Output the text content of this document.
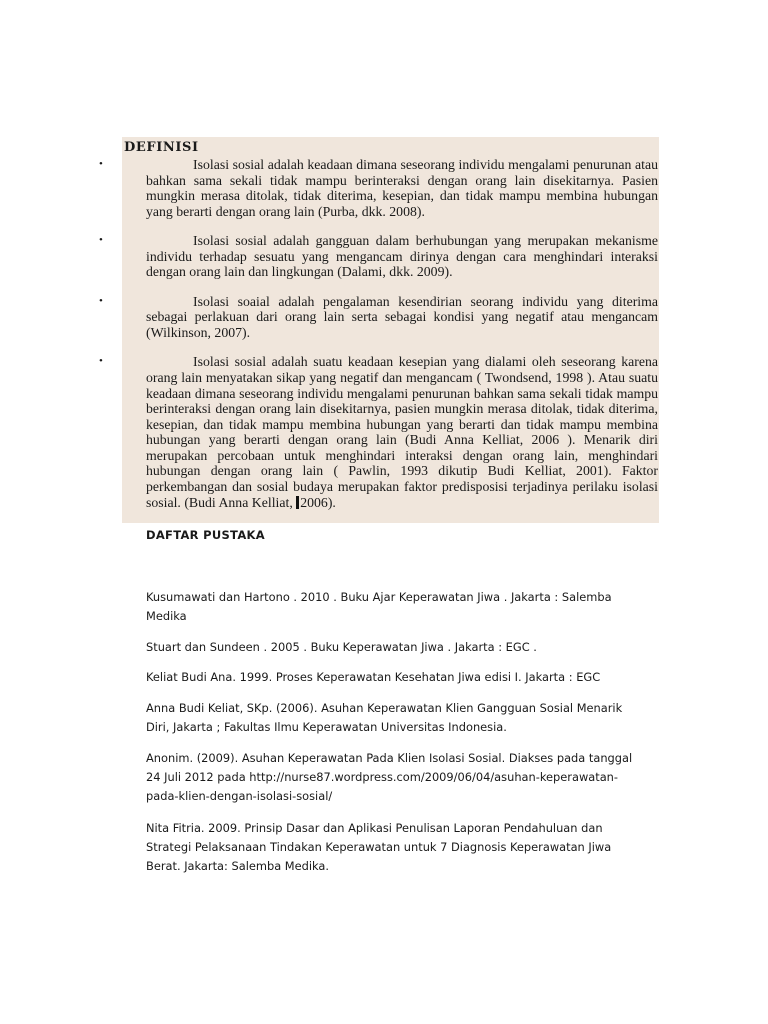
DEFINISI

•	Isolasi sosial adalah keadaan dimana seseorang individu mengalami penurunan atau bahkan sama sekali tidak mampu berinteraksi dengan orang lain disekitarnya. Pasien mungkin merasa ditolak, tidak diterima, kesepian, dan tidak mampu membina hubungan yang berarti dengan orang lain (Purba, dkk. 2008).

•	Isolasi sosial adalah gangguan dalam berhubungan yang merupakan mekanisme individu terhadap sesuatu yang mengancam dirinya dengan cara menghindari interaksi dengan orang lain dan lingkungan (Dalami, dkk. 2009).

•	Isolasi soaial adalah pengalaman kesendirian seorang individu yang diterima sebagai perlakuan dari orang lain serta sebagai kondisi yang negatif atau mengancam (Wilkinson, 2007).

•	Isolasi sosial adalah suatu keadaan kesepian yang dialami oleh seseorang karena orang lain menyatakan sikap yang negatif dan mengancam ( Twondsend, 1998 ). Atau suatu keadaan dimana seseorang individu mengalami penurunan bahkan sama sekali tidak mampu berinteraksi dengan orang lain disekitarnya, pasien mungkin merasa ditolak, tidak diterima, kesepian, dan tidak mampu membina hubungan yang berarti dan tidak mampu membina hubungan yang berarti dengan orang lain (Budi Anna Kelliat, 2006 ). Menarik diri merupakan percobaan untuk menghindari interaksi dengan orang lain, menghindari hubungan dengan orang lain ( Pawlin, 1993 dikutip Budi Kelliat, 2001). Faktor perkembangan dan sosial budaya merupakan faktor predisposisi terjadinya perilaku isolasi sosial. (Budi Anna Kelliat, 2006).

DAFTAR PUSTAKA

Kusumawati dan Hartono . 2010 . Buku Ajar Keperawatan Jiwa . Jakarta : Salemba Medika

Stuart dan Sundeen . 2005 . Buku Keperawatan Jiwa . Jakarta : EGC .

Keliat Budi Ana. 1999. Proses Keperawatan Kesehatan Jiwa edisi I. Jakarta : EGC

Anna Budi Keliat, SKp. (2006). Asuhan Keperawatan Klien Gangguan Sosial Menarik Diri, Jakarta ; Fakultas Ilmu Keperawatan Universitas Indonesia.

Anonim. (2009). Asuhan Keperawatan Pada Klien Isolasi Sosial. Diakses pada tanggal 24 Juli 2012 pada http://nurse87.wordpress.com/2009/06/04/asuhan-keperawatan-pada-klien-dengan-isolasi-sosial/

Nita Fitria. 2009. Prinsip Dasar dan Aplikasi Penulisan Laporan Pendahuluan dan Strategi Pelaksanaan Tindakan Keperawatan untuk 7 Diagnosis Keperawatan Jiwa Berat. Jakarta: Salemba Medika.
